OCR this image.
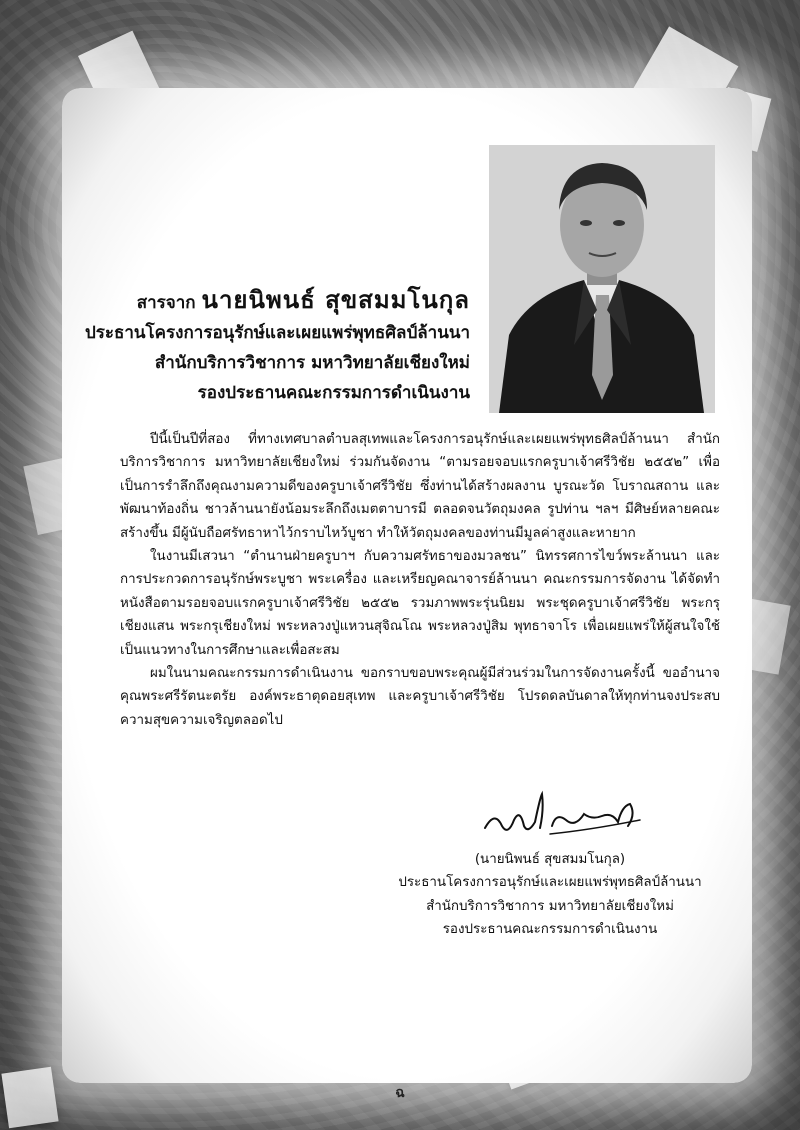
สารจาก นายนิพนธ์ สุขสมมโนกุล
ประธานโครงการอนุรักษ์และเผยแพร่พุทธศิลป์ล้านนา
สำนักบริการวิชาการ มหาวิทยาลัยเชียงใหม่
รองประธานคณะกรรมการดำเนินงาน

ปีนี้เป็นปีที่สอง ที่ทางเทศบาลตำบลสุเทพและโครงการอนุรักษ์และเผยแพร่พุทธศิลป์ล้านนา สำนักบริการวิชาการ มหาวิทยาลัยเชียงใหม่ ร่วมกันจัดงาน “ตามรอยจอบแรกครูบาเจ้าศรีวิชัย ๒๕๕๒” เพื่อเป็นการรำลึกถึงคุณงามความดีของครูบาเจ้าศรีวิชัย ซึ่งท่านได้สร้างผลงาน บูรณะวัด โบราณสถาน และพัฒนาท้องถิ่น ชาวล้านนายังน้อมระลึกถึงเมตตาบารมี ตลอดจนวัตถุมงคล รูปท่าน ฯลฯ มีศิษย์หลายคณะสร้างขึ้น มีผู้นับถือศรัทธาหาไว้กราบไหว้บูชา ทำให้วัตถุมงคลของท่านมีมูลค่าสูงและหายาก

ในงานมีเสวนา “ตำนานฝ่ายครูบาฯ กับความศรัทธาของมวลชน” นิทรรศการไขว์พระล้านนา และการประกวดการอนุรักษ์พระบูชา พระเครื่อง และเหรียญคณาจารย์ล้านนา คณะกรรมการจัดงาน ได้จัดทำหนังสือตามรอยจอบแรกครูบาเจ้าศรีวิชัย ๒๕๕๒ รวมภาพพระรุ่นนิยม พระชุดครูบาเจ้าศรีวิชัย พระกรุเชียงแสน พระกรุเชียงใหม่ พระหลวงปู่แหวนสุจิณโณ พระหลวงปู่สิม พุทธาจาโร เพื่อเผยแพร่ให้ผู้สนใจใช้เป็นแนวทางในการศึกษาและเพื่อสะสม

ผมในนามคณะกรรมการดำเนินงาน ขอกราบขอบพระคุณผู้มีส่วนร่วมในการจัดงานครั้งนี้ ขออำนาจคุณพระศรีรัตนะตรัย องค์พระธาตุดอยสุเทพ และครูบาเจ้าศรีวิชัย โปรดดลบันดาลให้ทุกท่านจงประสบความสุขความเจริญตลอดไป

(นายนิพนธ์ สุขสมมโนกุล)
ประธานโครงการอนุรักษ์และเผยแพร่พุทธศิลป์ล้านนา
สำนักบริการวิชาการ มหาวิทยาลัยเชียงใหม่
รองประธานคณะกรรมการดำเนินงาน
ฉ
